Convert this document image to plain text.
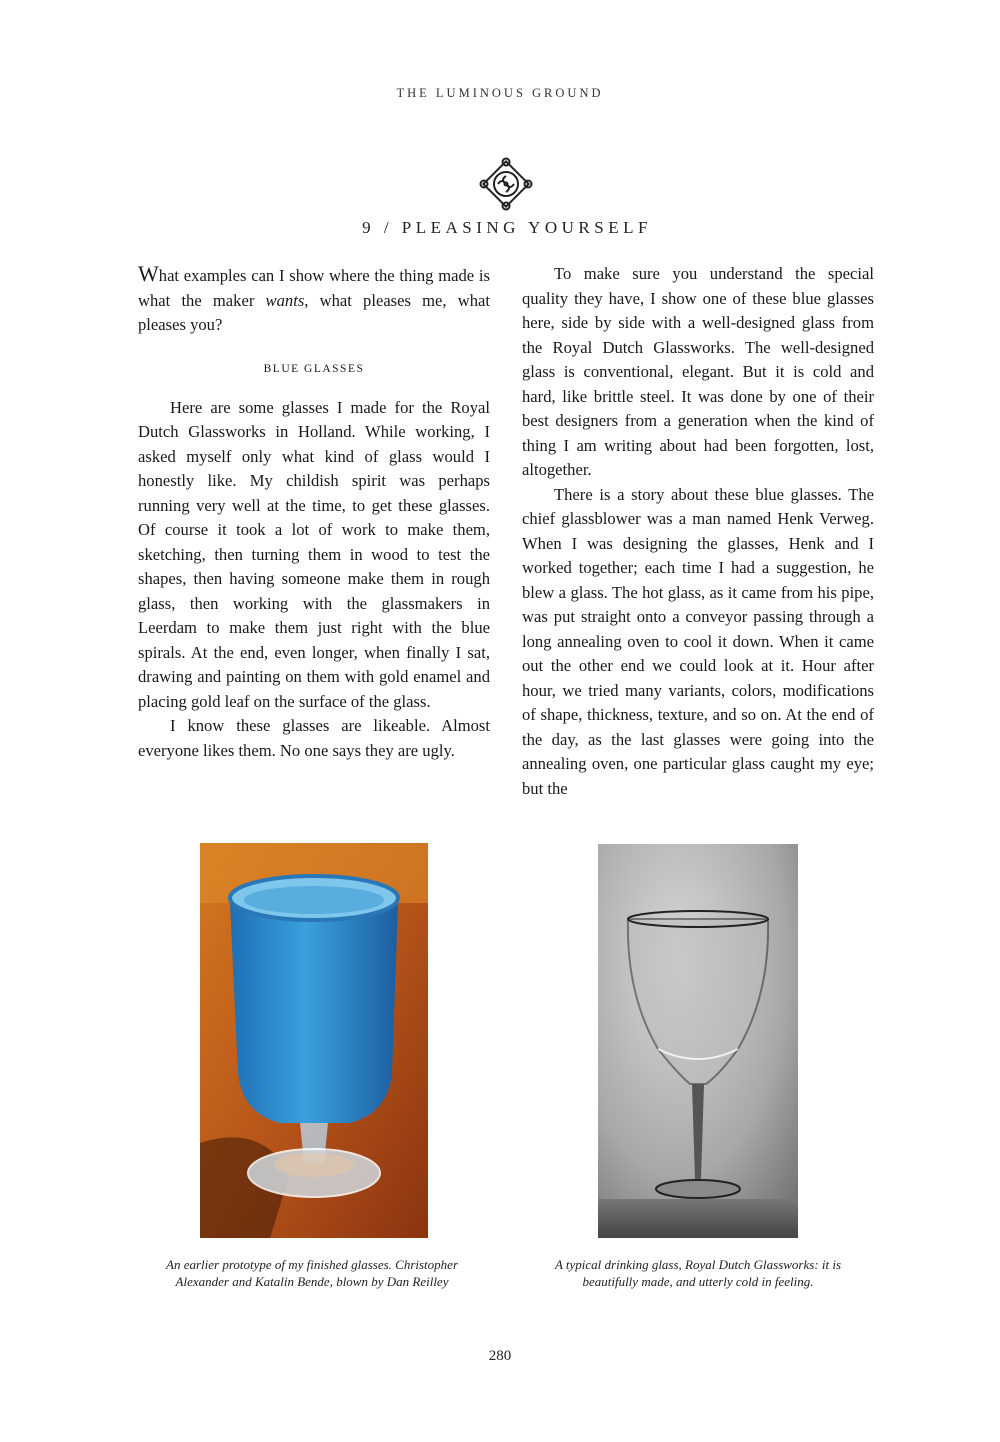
THE LUMINOUS GROUND
9 / PLEASING YOURSELF

What examples can I show where the thing made is what the maker wants, what pleases me, what pleases you?

BLUE GLASSES

Here are some glasses I made for the Royal Dutch Glassworks in Holland. While working, I asked myself only what kind of glass would I honestly like. My childish spirit was perhaps running very well at the time, to get these glasses. Of course it took a lot of work to make them, sketching, then turning them in wood to test the shapes, then having someone make them in rough glass, then working with the glassmakers in Leerdam to make them just right with the blue spirals. At the end, even longer, when finally I sat, drawing and painting on them with gold enamel and placing gold leaf on the surface of the glass.

I know these glasses are likeable. Almost everyone likes them. No one says they are ugly.

To make sure you understand the special quality they have, I show one of these blue glasses here, side by side with a well-designed glass from the Royal Dutch Glassworks. The well-designed glass is conventional, elegant. But it is cold and hard, like brittle steel. It was done by one of their best designers from a generation when the kind of thing I am writing about had been forgotten, lost, altogether.

There is a story about these blue glasses. The chief glassblower was a man named Henk Verweg. When I was designing the glasses, Henk and I worked together; each time I had a suggestion, he blew a glass. The hot glass, as it came from his pipe, was put straight onto a conveyor passing through a long annealing oven to cool it down. When it came out the other end we could look at it. Hour after hour, we tried many variants, colors, modifications of shape, thickness, texture, and so on. At the end of the day, as the last glasses were going into the annealing oven, one particular glass caught my eye; but the

An earlier prototype of my finished glasses. Christopher
Alexander and Katalin Bende, blown by Dan Reilley
A typical drinking glass, Royal Dutch Glassworks: it is
beautifully made, and utterly cold in feeling.
280
